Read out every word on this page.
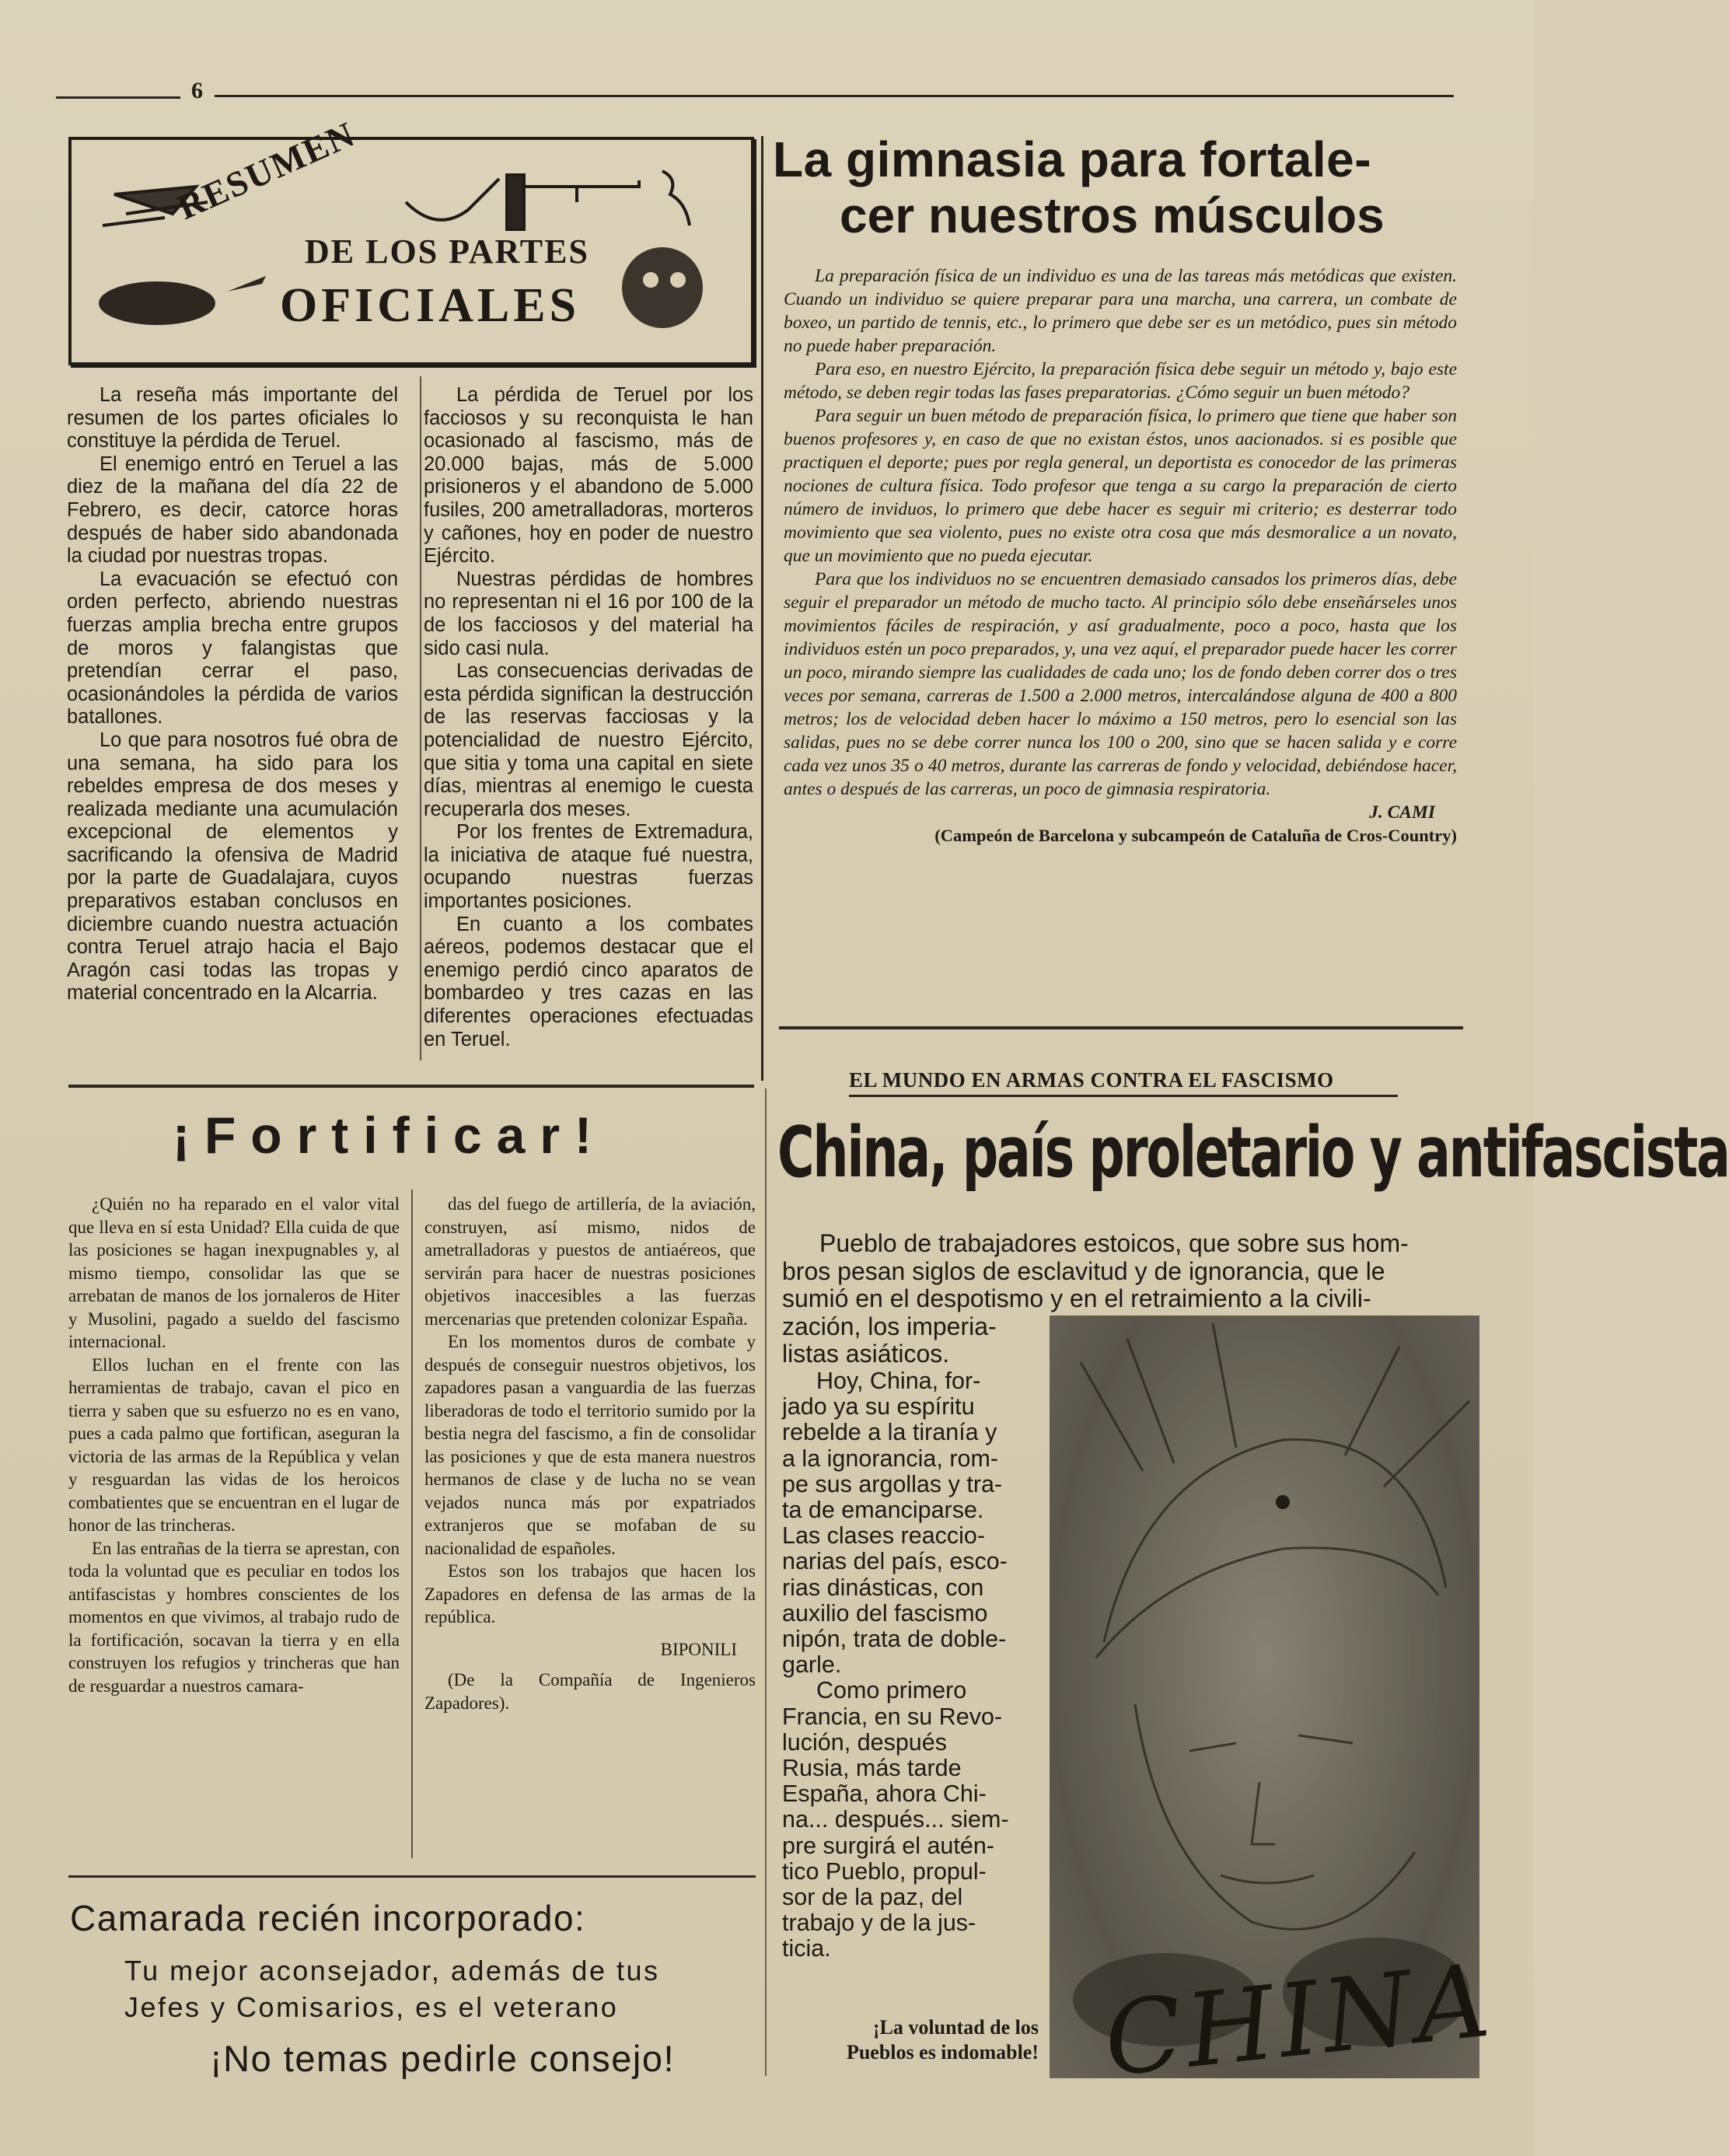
6
RESUMEN
DE LOS PARTES
OFICIALES

La reseña más importante del resumen de los partes oficiales lo constituye la pérdida de Teruel.

El enemigo entró en Teruel a las diez de la mañana del día 22 de Febrero, es decir, catorce horas después de haber sido abandonada la ciudad por nuestras tropas.

La evacuación se efectuó con orden perfecto, abriendo nuestras fuerzas amplia brecha entre grupos de moros y falangistas que pretendían cerrar el paso, ocasionándoles la pérdida de varios batallones.

Lo que para nosotros fué obra de una semana, ha sido para los rebeldes empresa de dos meses y realizada mediante una acumulación excepcional de elementos y sacrificando la ofensiva de Madrid por la parte de Guadalajara, cuyos preparativos estaban conclusos en diciembre cuando nuestra actuación contra Teruel atrajo hacia el Bajo Aragón casi todas las tropas y material concentrado en la Alcarria.

La pérdida de Teruel por los facciosos y su reconquista le han ocasionado al fascismo, más de 20.000 bajas, más de 5.000 prisioneros y el abandono de 5.000 fusiles, 200 ametralladoras, morteros y cañones, hoy en poder de nuestro Ejército.

Nuestras pérdidas de hombres no representan ni el 16 por 100 de la de los facciosos y del material ha sido casi nula.

Las consecuencias derivadas de esta pérdida significan la destrucción de las reservas facciosas y la potencialidad de nuestro Ejército, que sitia y toma una capital en siete días, mientras al enemigo le cuesta recuperarla dos meses.

Por los frentes de Extremadura, la iniciativa de ataque fué nuestra, ocupando nuestras fuerzas importantes posiciones.

En cuanto a los combates aéreos, podemos destacar que el enemigo perdió cinco aparatos de bombardeo y tres cazas en las diferentes operaciones efectuadas en Teruel.

La gimnasia para fortale-
cer nuestros músculos

La preparación física de un individuo es una de las tareas más metódicas que existen. Cuando un individuo se quiere preparar para una marcha, una carrera, un combate de boxeo, un partido de tennis, etc., lo primero que debe ser es un metódico, pues sin método no puede haber preparación.

Para eso, en nuestro Ejército, la preparación física debe seguir un método y, bajo este método, se deben regir todas las fases preparatorias. ¿Cómo seguir un buen método?

Para seguir un buen método de preparación física, lo primero que tiene que haber son buenos profesores y, en caso de que no existan éstos, unos aacionados. si es posible que practiquen el deporte; pues por regla general, un deportista es conocedor de las primeras nociones de cultura física. Todo profesor que tenga a su cargo la preparación de cierto número de inviduos, lo primero que debe hacer es seguir mi criterio; es desterrar todo movimiento que sea violento, pues no existe otra cosa que más desmoralice a un novato, que un movimiento que no pueda ejecutar.

Para que los individuos no se encuentren demasiado cansados los primeros días, debe seguir el preparador un método de mucho tacto. Al principio sólo debe enseñárseles unos movimientos fáciles de respiración, y así gradualmente, poco a poco, hasta que los individuos estén un poco preparados, y, una vez aquí, el preparador puede hacer les correr un poco, mirando siempre las cualidades de cada uno; los de fondo deben correr dos o tres veces por semana, carreras de 1.500 a 2.000 metros, intercalándose alguna de 400 a 800 metros; los de velocidad deben hacer lo máximo a 150 metros, pero lo esencial son las salidas, pues no se debe correr nunca los 100 o 200, sino que se hacen salida y e corre cada vez unos 35 o 40 metros, durante las carreras de fondo y velocidad, debiéndose hacer, antes o después de las carreras, un poco de gimnasia respiratoria.

J. CAMI
(Campeón de Barcelona y subcampeón de Cataluña de Cros-Country)
EL MUNDO EN ARMAS CONTRA EL FASCISMO
China, país proletario y antifascista
Pueblo de trabajadores estoicos, que sobre sus hom-
bros pesan siglos de esclavitud y de ignorancia, que le
sumió en el despotismo y en el retraimiento a la civili-
zación, los imperia-
listas asiáticos.
Hoy, China, for-
jado ya su espíritu
rebelde a la tiranía y
a la ignorancia, rom-
pe sus argollas y tra-
ta de emanciparse.
Las clases reaccio-
narias del país, esco-
rias dinásticas, con
auxilio del fascismo
nipón, trata de doble-
garle.
Como primero
Francia, en su Revo-
lución, después
Rusia, más tarde
España, ahora Chi-
na... después... siem-
pre surgirá el autén-
tico Pueblo, propul-
sor de la paz, del
trabajo y de la jus-
ticia.
¡La voluntad de los
Pueblos es indomable! CHINA
¡Fortificar!

¿Quién no ha reparado en el valor vital que lleva en sí esta Unidad? Ella cuida de que las posiciones se hagan inexpugnables y, al mismo tiempo, consolidar las que se arrebatan de manos de los jornaleros de Hiter y Musolini, pagado a sueldo del fascismo internacional.

Ellos luchan en el frente con las herramientas de trabajo, cavan el pico en tierra y saben que su esfuerzo no es en vano, pues a cada palmo que fortifican, aseguran la victoria de las armas de la República y velan y resguardan las vidas de los heroicos combatientes que se encuentran en el lugar de honor de las trincheras.

En las entrañas de la tierra se aprestan, con toda la voluntad que es peculiar en todos los antifascistas y hombres conscientes de los momentos en que vivimos, al trabajo rudo de la fortificación, socavan la tierra y en ella construyen los refugios y trincheras que han de resguardar a nuestros camara-

das del fuego de artillería, de la aviación, construyen, así mismo, nidos de ametralladoras y puestos de antiaéreos, que servirán para hacer de nuestras posiciones objetivos inaccesibles a las fuerzas mercenarias que pretenden colonizar España.

En los momentos duros de combate y después de conseguir nuestros objetivos, los zapadores pasan a vanguardia de las fuerzas liberadoras de todo el territorio sumido por la bestia negra del fascismo, a fin de consolidar las posiciones y que de esta manera nuestros hermanos de clase y de lucha no se vean vejados nunca más por expatriados extranjeros que se mofaban de su nacionalidad de españoles.

Estos son los trabajos que hacen los Zapadores en defensa de las armas de la república.

BIPONILI
(De la Compañía de Ingenieros Zapadores).
Camarada recién incorporado:
Tu mejor aconsejador, además de tus
Jefes y Comisarios, es el veterano
¡No temas pedirle consejo!
